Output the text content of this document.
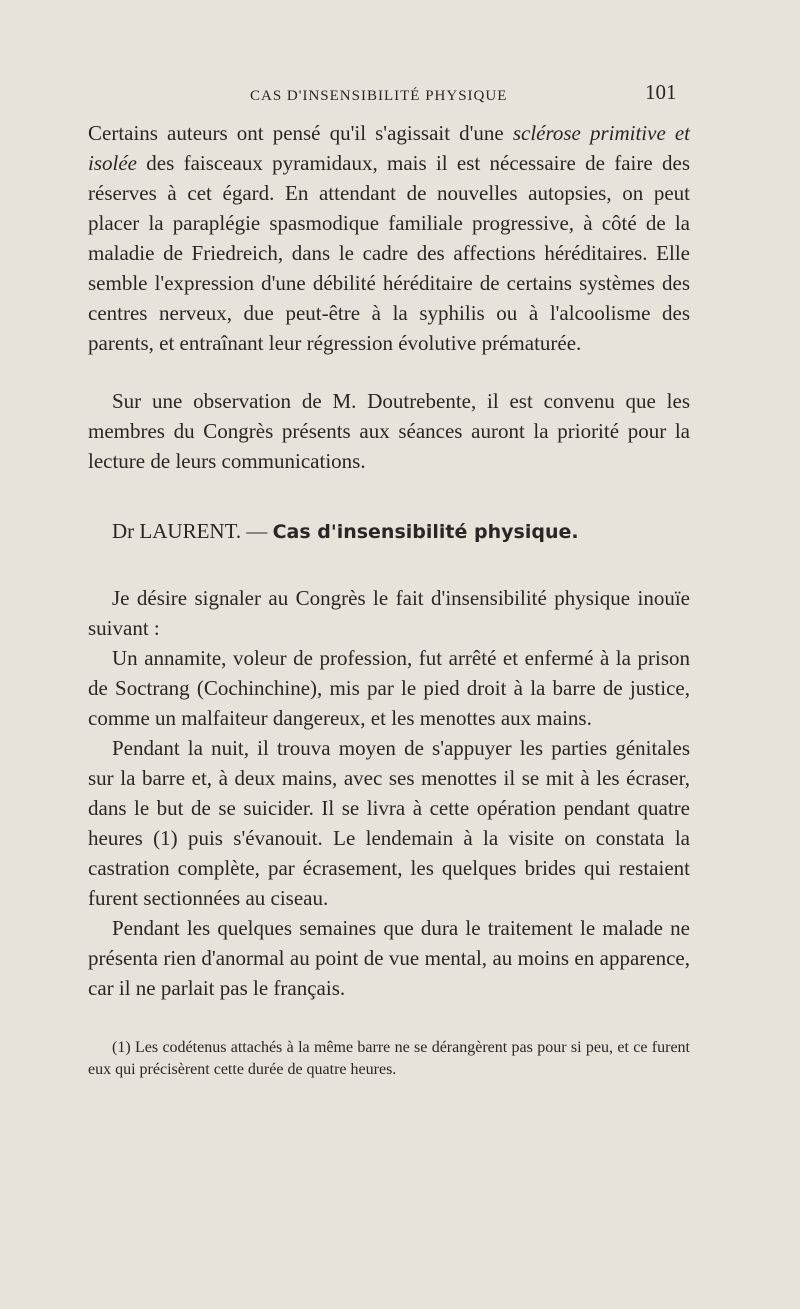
CAS D'INSENSIBILITÉ PHYSIQUE	101

Certains auteurs ont pensé qu'il s'agissait d'une sclérose primitive et isolée des faisceaux pyramidaux, mais il est nécessaire de faire des réserves à cet égard. En attendant de nouvelles autopsies, on peut placer la paraplégie spasmodique familiale progressive, à côté de la maladie de Friedreich, dans le cadre des affections héréditaires. Elle semble l'expression d'une débilité héréditaire de certains systèmes des centres nerveux, due peut-être à la syphilis ou à l'alcoolisme des parents, et entraînant leur régression évolutive prématurée.

Sur une observation de M. Doutrebente, il est convenu que les membres du Congrès présents aux séances auront la priorité pour la lecture de leurs communications.

Dr LAURENT. — Cas d'insensibilité physique.

Je désire signaler au Congrès le fait d'insensibilité physique inouïe suivant :

Un annamite, voleur de profession, fut arrêté et enfermé à la prison de Soctrang (Cochinchine), mis par le pied droit à la barre de justice, comme un malfaiteur dangereux, et les menottes aux mains.

Pendant la nuit, il trouva moyen de s'appuyer les parties génitales sur la barre et, à deux mains, avec ses menottes il se mit à les écraser, dans le but de se suicider. Il se livra à cette opération pendant quatre heures (1) puis s'évanouit. Le lendemain à la visite on constata la castration complète, par écrasement, les quelques brides qui restaient furent sectionnées au ciseau.

Pendant les quelques semaines que dura le traitement le malade ne présenta rien d'anormal au point de vue mental, au moins en apparence, car il ne parlait pas le français.

(1) Les codétenus attachés à la même barre ne se dérangèrent pas pour si peu, et ce furent eux qui précisèrent cette durée de quatre heures.
